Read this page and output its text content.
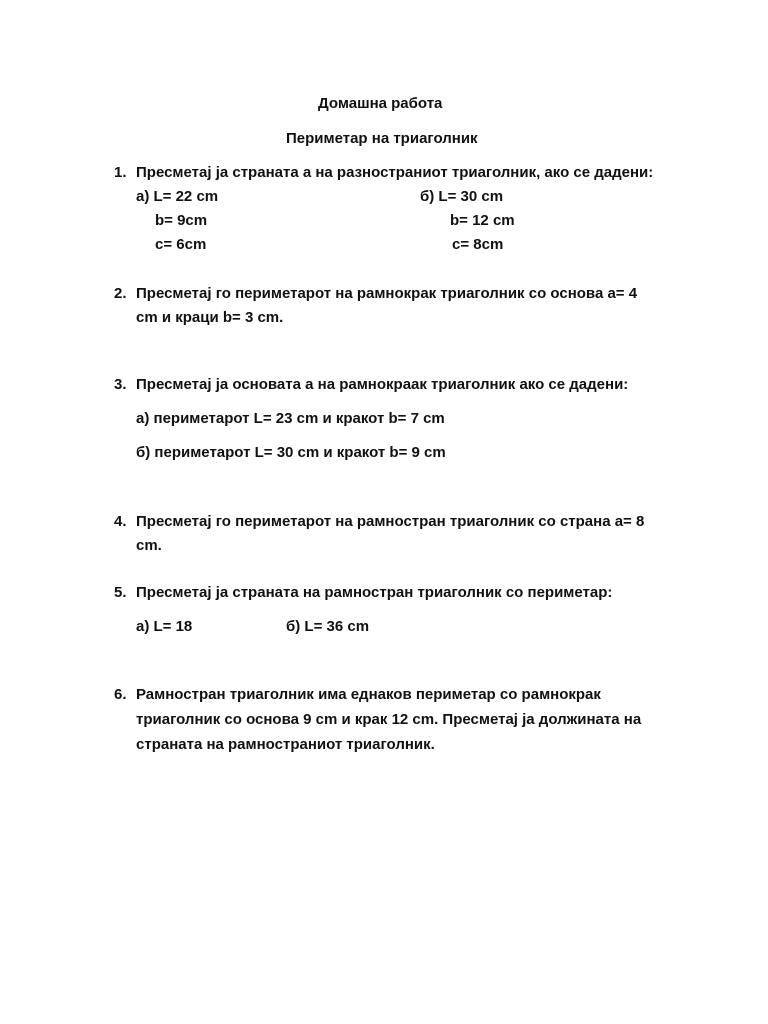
Домашна работа
Периметар на триаголник
1. Пресметај ја страната а на разностраниот триаголник, ако се дадени:
а) L= 22 cm
b= 9cm
c= 6cm
б) L= 30 cm
b= 12 cm
c= 8cm
2. Пресметај го периметарот на рамнокрак триаголник со основа а= 4
cm и краци b= 3 cm.
3. Пресметај ја основата а на рамнокраак триаголник ако се дадени:
а) периметарот L= 23 cm и кракот b= 7 cm
б) периметарот L= 30 cm и кракот b= 9 cm
4. Пресметај го периметарот на рамностран триаголник со страна а= 8
cm.
5. Пресметај ја страната на рамностран триаголник со периметар:
а) L= 18	б) L= 36 cm
6. Рамностран триаголник има еднаков периметар со рамнокрак
триаголник со основа 9 cm и крак 12 cm. Пресметај ја должината на
страната на рамностраниот триаголник.
